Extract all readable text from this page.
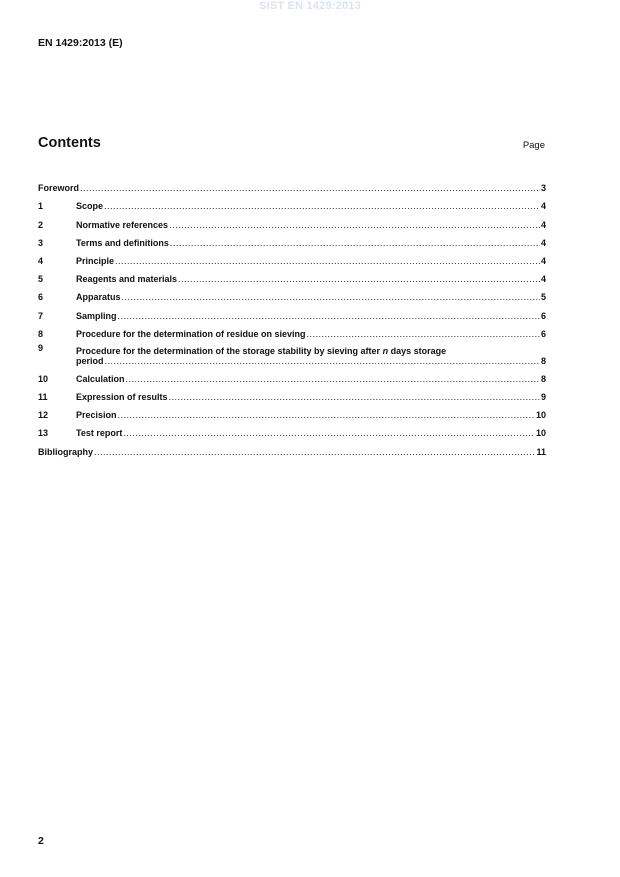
SIST EN 1429:2013
EN 1429:2013 (E)
Contents	Page
Foreword .....	3
1	Scope .....	4
2	Normative references .....	4
3	Terms and definitions .....	4
4	Principle .....	4
5	Reagents and materials .....	4
6	Apparatus .....	5
7	Sampling .....	6
8	Procedure for the determination of residue on sieving .....	6
9	Procedure for the determination of the storage stability by sieving after n days storage
period .....	8
10	Calculation .....	8
11	Expression of results .....	9
12	Precision .....	10
13	Test report .....	10
Bibliography .....	11
2
